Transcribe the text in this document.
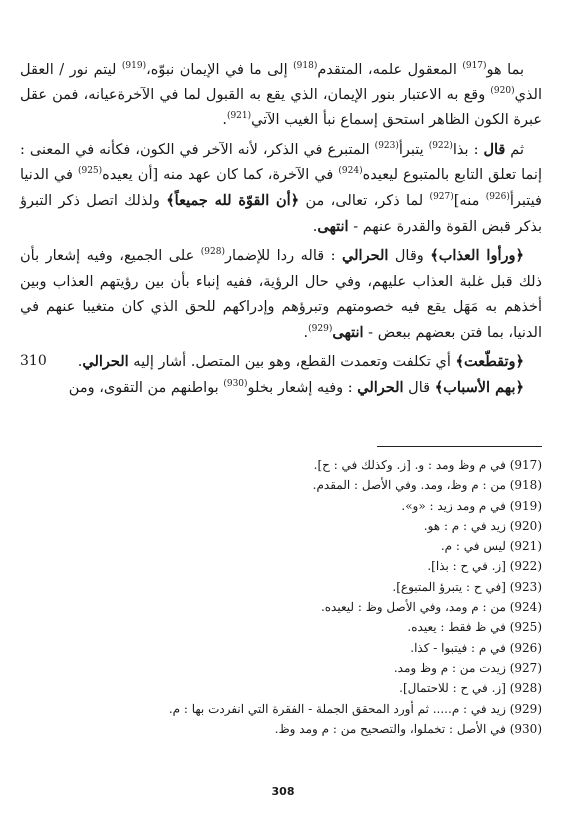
بما هو$^{(917)}$ المعقول علمه، المتقدم$^{(918)}$ إلى ما في الإيمان نبوّه،$^{(919)}$ ليتم نور / العقل الذي$^{(920)}$ وقع به الاعتبار بنور الإيمان، الذي يقع به القبول لما في الآخرةعيانه، فمن عقل عبرة الكون الظاهر استحق إسماع نبأ الغيب الآتي$^{(921)}$.

ثم قال : بذا$^{(922)}$ يتبرأ$^{(923)}$ المتبرع في الذكر، لأنه الآخر في الكون، فكأنه في المعنى : إنما تعلق التابع بالمتبوع ليعيده$^{(924)}$ في الآخرة، كما كان عهد منه [أن يعيده$^{(925)}$ في الدنيا فيتبرأ$^{(926)}$ منه]$^{(927)}$ لما ذكر، تعالى، من ﴿أن القوّة لله جميعاً﴾ ولذلك اتصل ذكر التبرؤ بذكر قبض القوة والقدرة عنهم - انتهى.

﴿ورأوا العذاب﴾ وقال الحرالي : قاله ردا للإضمار$^{(928)}$ على الجميع، وفيه إشعار بأن ذلك قبل غلبة العذاب عليهم، وفي حال الرؤية، ففيه إنباء بأن بين رؤيتهم العذاب وبين أخذهم به مَهَل يقع فيه خصومتهم وتبرؤهم وإدراكهم للحق الذي كان متغيبا عنهم في الدنيا، بما فتن بعضهم ببعض - انتهى$^{(929)}$.

﴿وتقطّعت﴾ أي تكلفت وتعمدت القطع، وهو بين المتصل. أشار إليه الحرالي.

﴿بهم الأسباب﴾ قال الحرالي : وفيه إشعار بخلو$^{(930)}$ بواطنهم من التقوى، ومن

310
(917) في م وظ ومد : و. [ز. وكذلك في : ح].
(918) من : م وظ، ومد. وفي الأصل : المقدم.
(919) في م ومد زيد : «و».
(920) زيد في : م : هو.
(921) ليس في : م.
(922) [ز. في ح : بذا].
(923) [في ح : يتبرؤ المتبوع].
(924) من : م ومد، وفي الأصل وظ : ليعيده.
(925) في ظ فقط : يعيده.
(926) في م : فيتبوا - كذا.
(927) زيدت من : م وظ ومد.
(928) [ز. في ح : للاحتمال].
(929) زيد في : م..... ثم أورد المحقق الجملة - الفقرة التي انفردت بها : م.
(930) في الأصل : تخملوا، والتصحيح من : م ومد وظ.
308
